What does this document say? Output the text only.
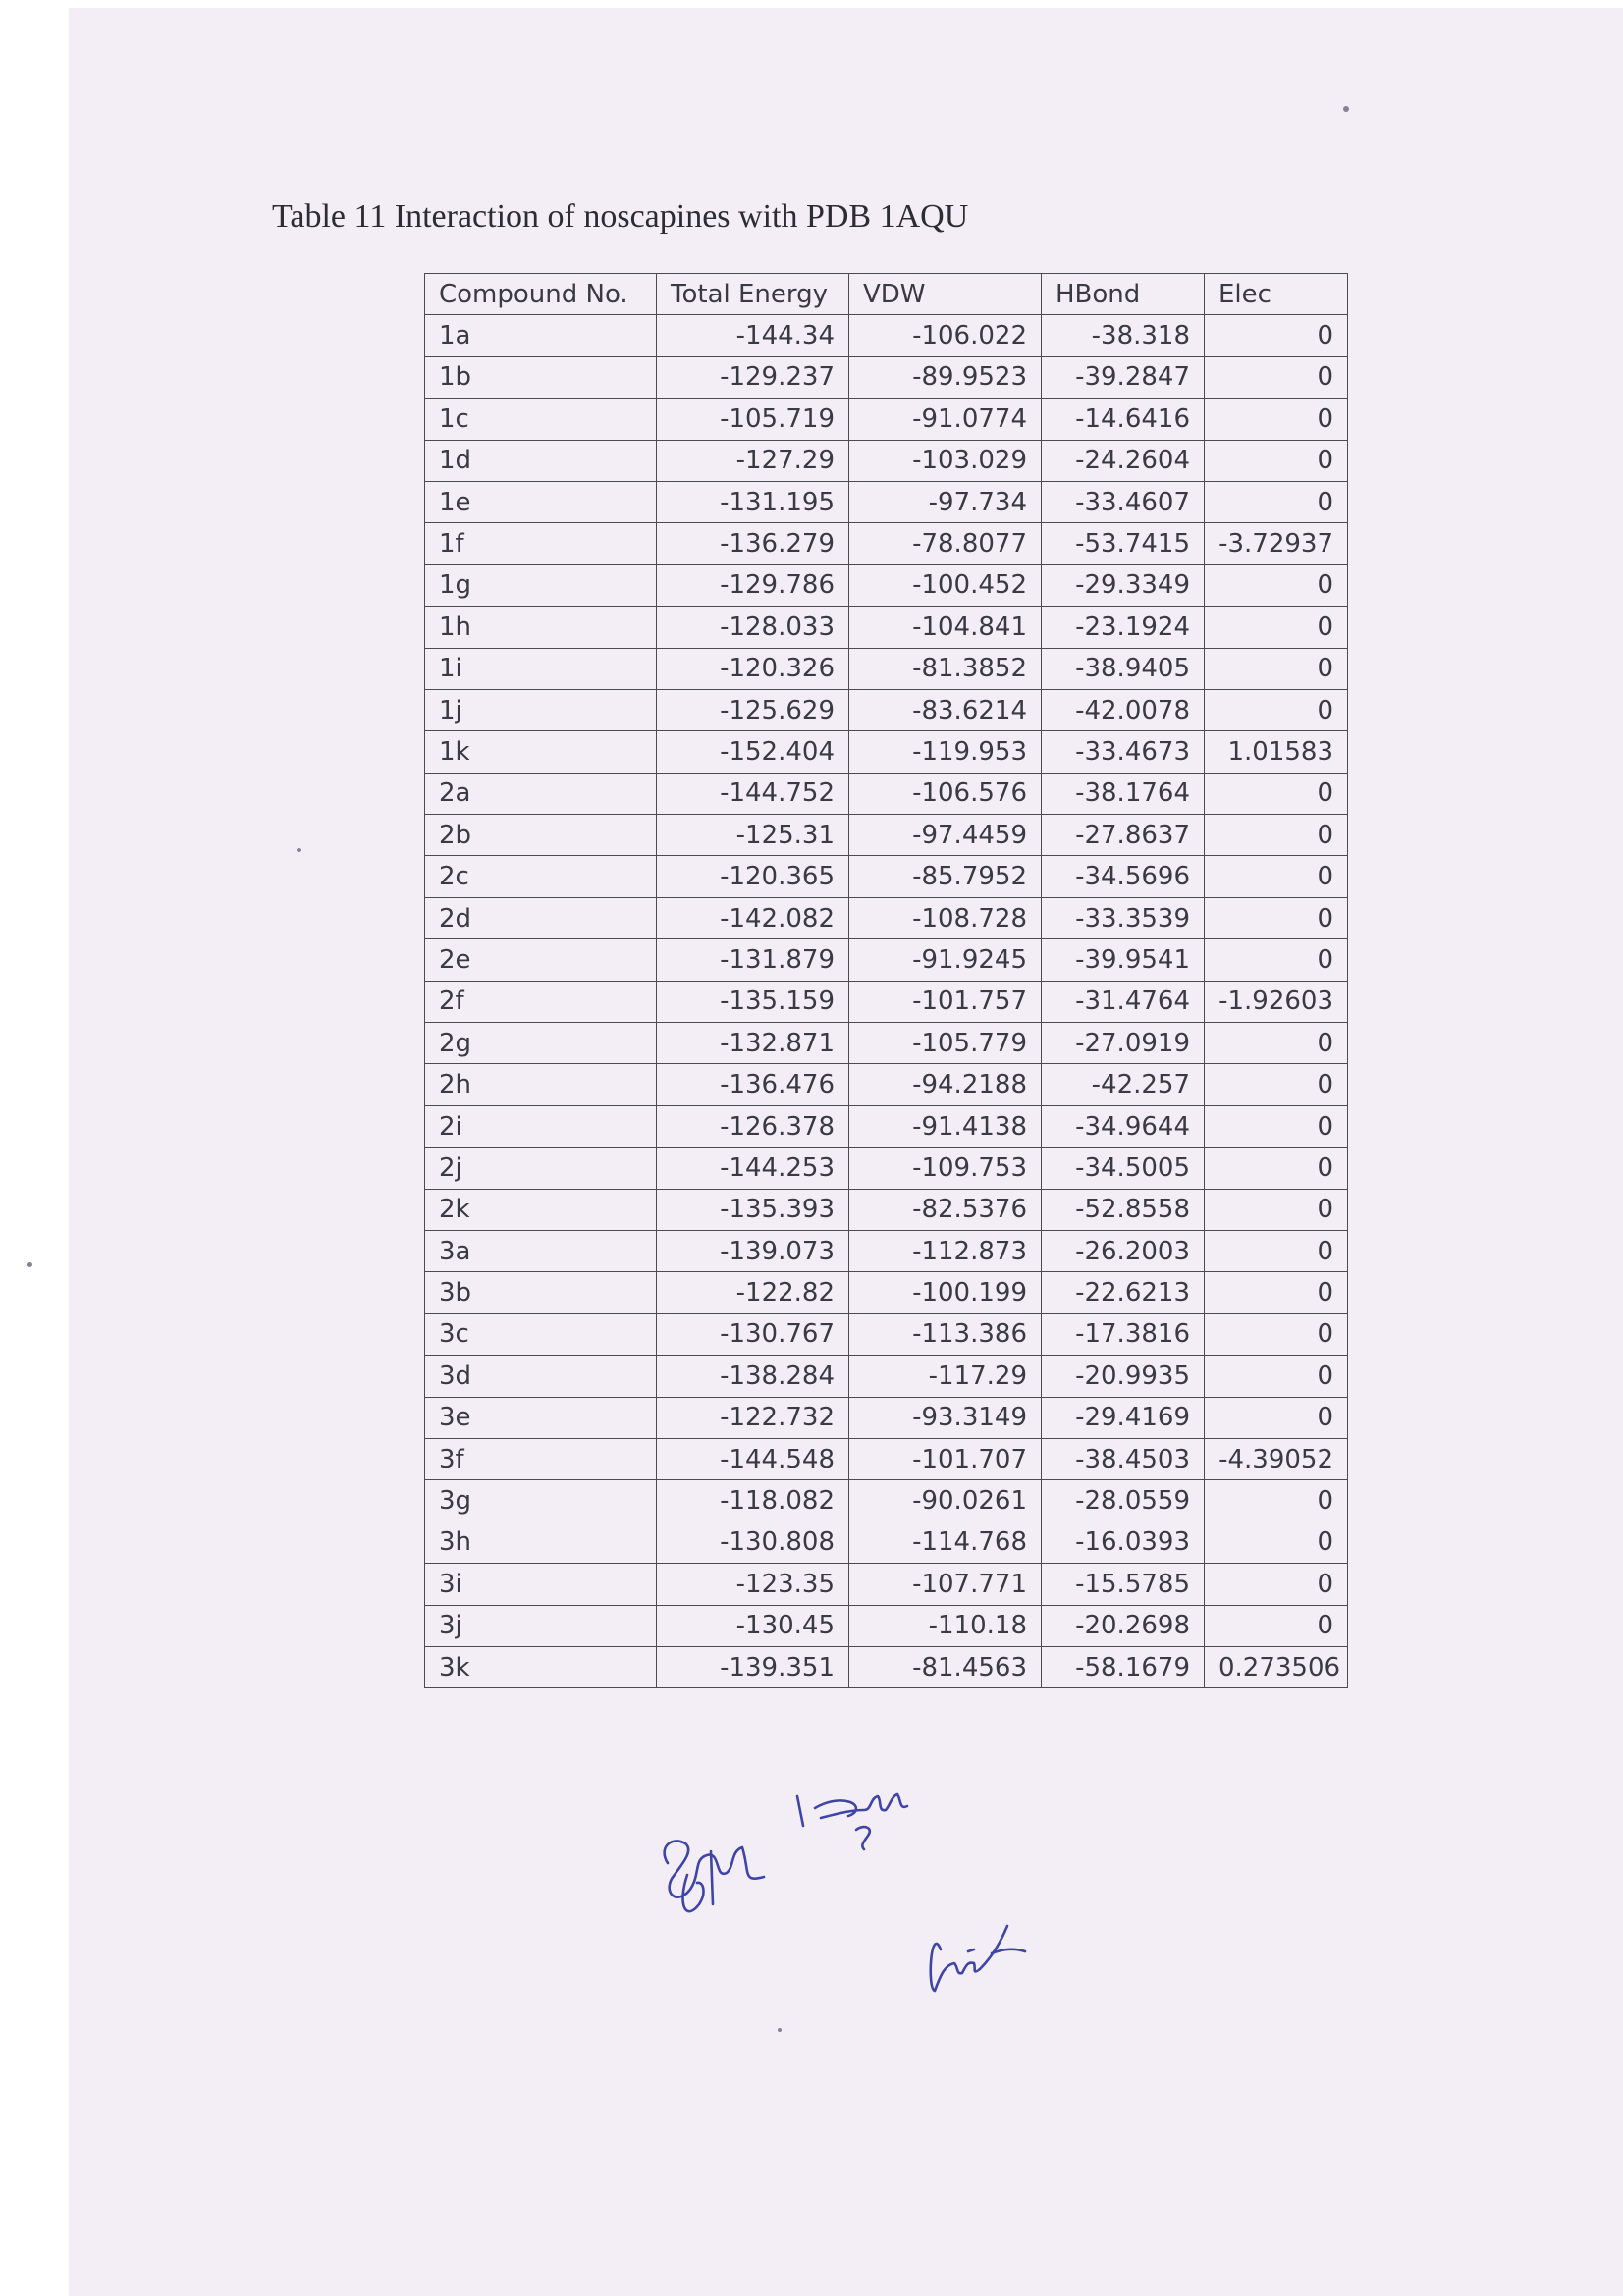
Table 11 Interaction of noscapines with PDB 1AQU
Compound No.	Total Energy	VDW	HBond	Elec
1a	-144.34	-106.022	-38.318	0
1b	-129.237	-89.9523	-39.2847	0
1c	-105.719	-91.0774	-14.6416	0
1d	-127.29	-103.029	-24.2604	0
1e	-131.195	-97.734	-33.4607	0
1f	-136.279	-78.8077	-53.7415	-3.72937
1g	-129.786	-100.452	-29.3349	0
1h	-128.033	-104.841	-23.1924	0
1i	-120.326	-81.3852	-38.9405	0
1j	-125.629	-83.6214	-42.0078	0
1k	-152.404	-119.953	-33.4673	1.01583
2a	-144.752	-106.576	-38.1764	0
2b	-125.31	-97.4459	-27.8637	0
2c	-120.365	-85.7952	-34.5696	0
2d	-142.082	-108.728	-33.3539	0
2e	-131.879	-91.9245	-39.9541	0
2f	-135.159	-101.757	-31.4764	-1.92603
2g	-132.871	-105.779	-27.0919	0
2h	-136.476	-94.2188	-42.257	0
2i	-126.378	-91.4138	-34.9644	0
2j	-144.253	-109.753	-34.5005	0
2k	-135.393	-82.5376	-52.8558	0
3a	-139.073	-112.873	-26.2003	0
3b	-122.82	-100.199	-22.6213	0
3c	-130.767	-113.386	-17.3816	0
3d	-138.284	-117.29	-20.9935	0
3e	-122.732	-93.3149	-29.4169	0
3f	-144.548	-101.707	-38.4503	-4.39052
3g	-118.082	-90.0261	-28.0559	0
3h	-130.808	-114.768	-16.0393	0
3i	-123.35	-107.771	-15.5785	0
3j	-130.45	-110.18	-20.2698	0
3k	-139.351	-81.4563	-58.1679	0.273506
